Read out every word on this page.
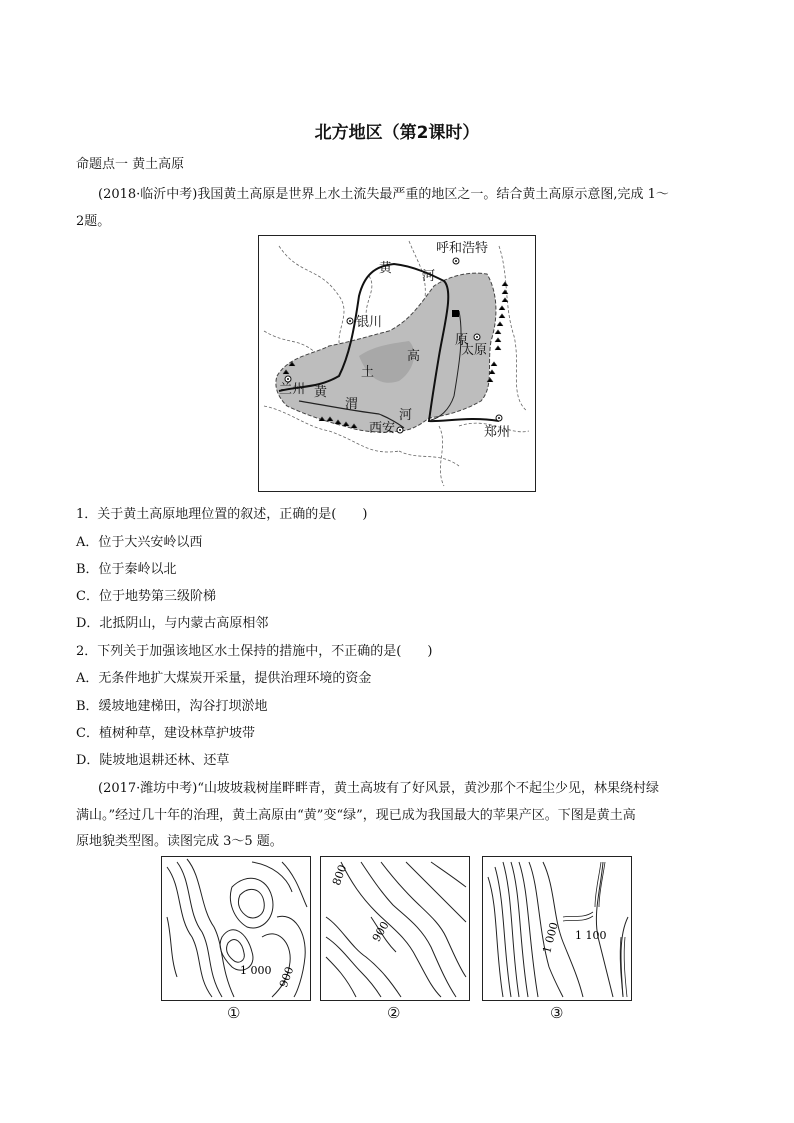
北方地区（第2课时）
命题点一 黄土高原
(2018·临沂中考)我国黄土高原是世界上水土流失最严重的地区之一。结合黄土高原示意图,完成 1～
2题。
呼和浩特
黄
河
银川
黄
土
高
原
太原
兰州
渭
河
西安	郑州
1．关于黄土高原地理位置的叙述，正确的是(　　)
A．位于大兴安岭以西
B．位于秦岭以北
C．位于地势第三级阶梯
D．北抵阴山，与内蒙古高原相邻
2．下列关于加强该地区水土保持的措施中，不正确的是(　　)
A．无条件地扩大煤炭开采量，提供治理环境的资金
B．缓坡地建梯田，沟谷打坝淤地
C．植树种草，建设林草护坡带
D．陡坡地退耕还林、还草
(2017·潍坊中考)“山坡坡栽树崖畔畔青，黄土高坡有了好风景，黄沙那个不起尘少见，林果绕村绿
满山。”经过几十年的治理，黄土高原由“黄”变“绿”，现已成为我国最大的苹果产区。下图是黄土高
原地貌类型图。读图完成 3～5 题。
1 000 900
①
800
900
②
1 100
1 000
③
